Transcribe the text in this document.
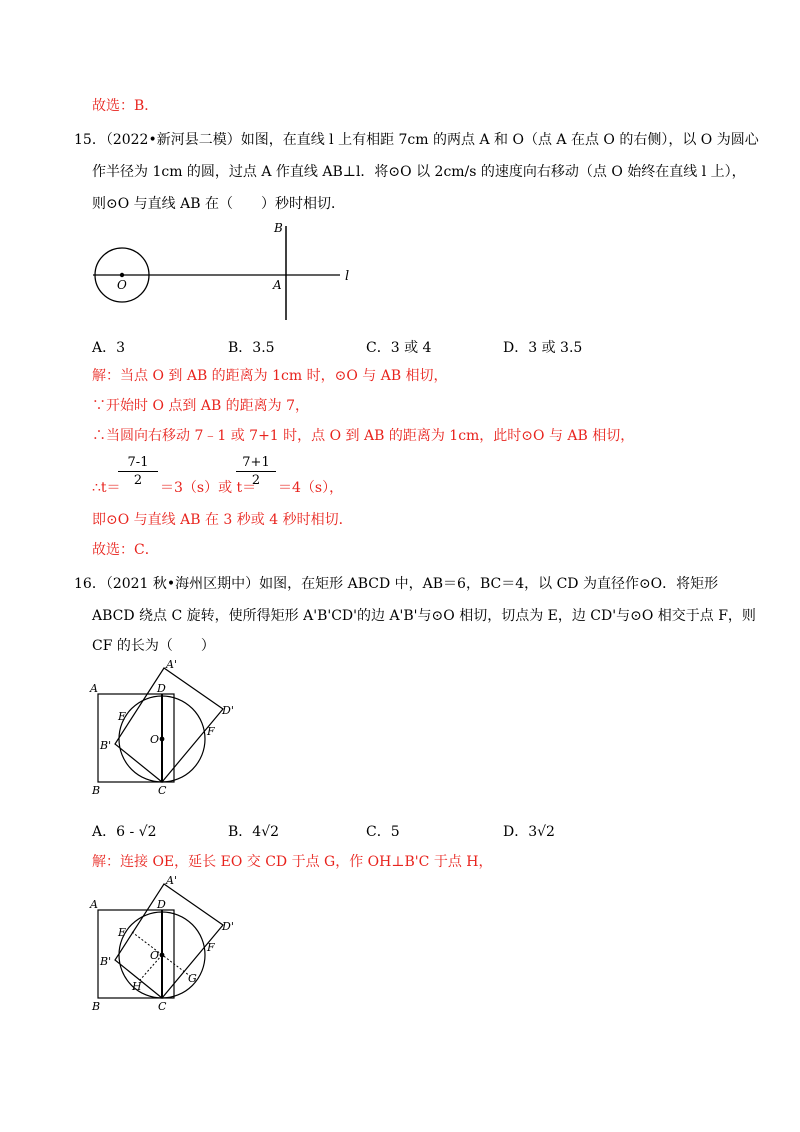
故选：B．
15．（2022•新河县二模）如图，在直线 l 上有相距 7cm 的两点 A 和 O（点 A 在点 O 的右侧），以 O 为圆心
作半径为 1cm 的圆，过点 A 作直线 AB⊥l．将⊙O 以 2cm/s 的速度向右移动（点 O 始终在直线 l 上），
则⊙O 与直线 AB 在（　　）秒时相切．
B
A
O
l
A．3	B．3.5	C．3 或 4	D．3 或 3.5
解：当点 O 到 AB 的距离为 1cm 时，⊙O 与 AB 相切，
∵开始时 O 点到 AB 的距离为 7，
∴当圆向右移动 7﹣1 或 7+1 时，点 O 到 AB 的距离为 1cm，此时⊙O 与 AB 相切，
∴t＝
7-1
2	＝3（s）或 t＝
7+1
2	＝4（s），
即⊙O 与直线 AB 在 3 秒或 4 秒时相切．
故选：C．
16．（2021 秋•海州区期中）如图，在矩形 ABCD 中，AB＝6，BC＝4，以 CD 为直径作⊙O．将矩形
ABCD 绕点 C 旋转，使所得矩形 A'B'CD'的边 A'B'与⊙O 相切，切点为 E，边 CD'与⊙O 相交于点 F，则
CF 的长为（　　）
A'
A	D
D'
E
O
F
B'
B	C
A．6 - √2	B．4√2	C．5	D．3√2
解：连接 OE，延长 EO 交 CD 于点 G，作 OH⊥B'C 于点 H，
A'
A	D
D'
E
O
F
B'
G
H
B	C
